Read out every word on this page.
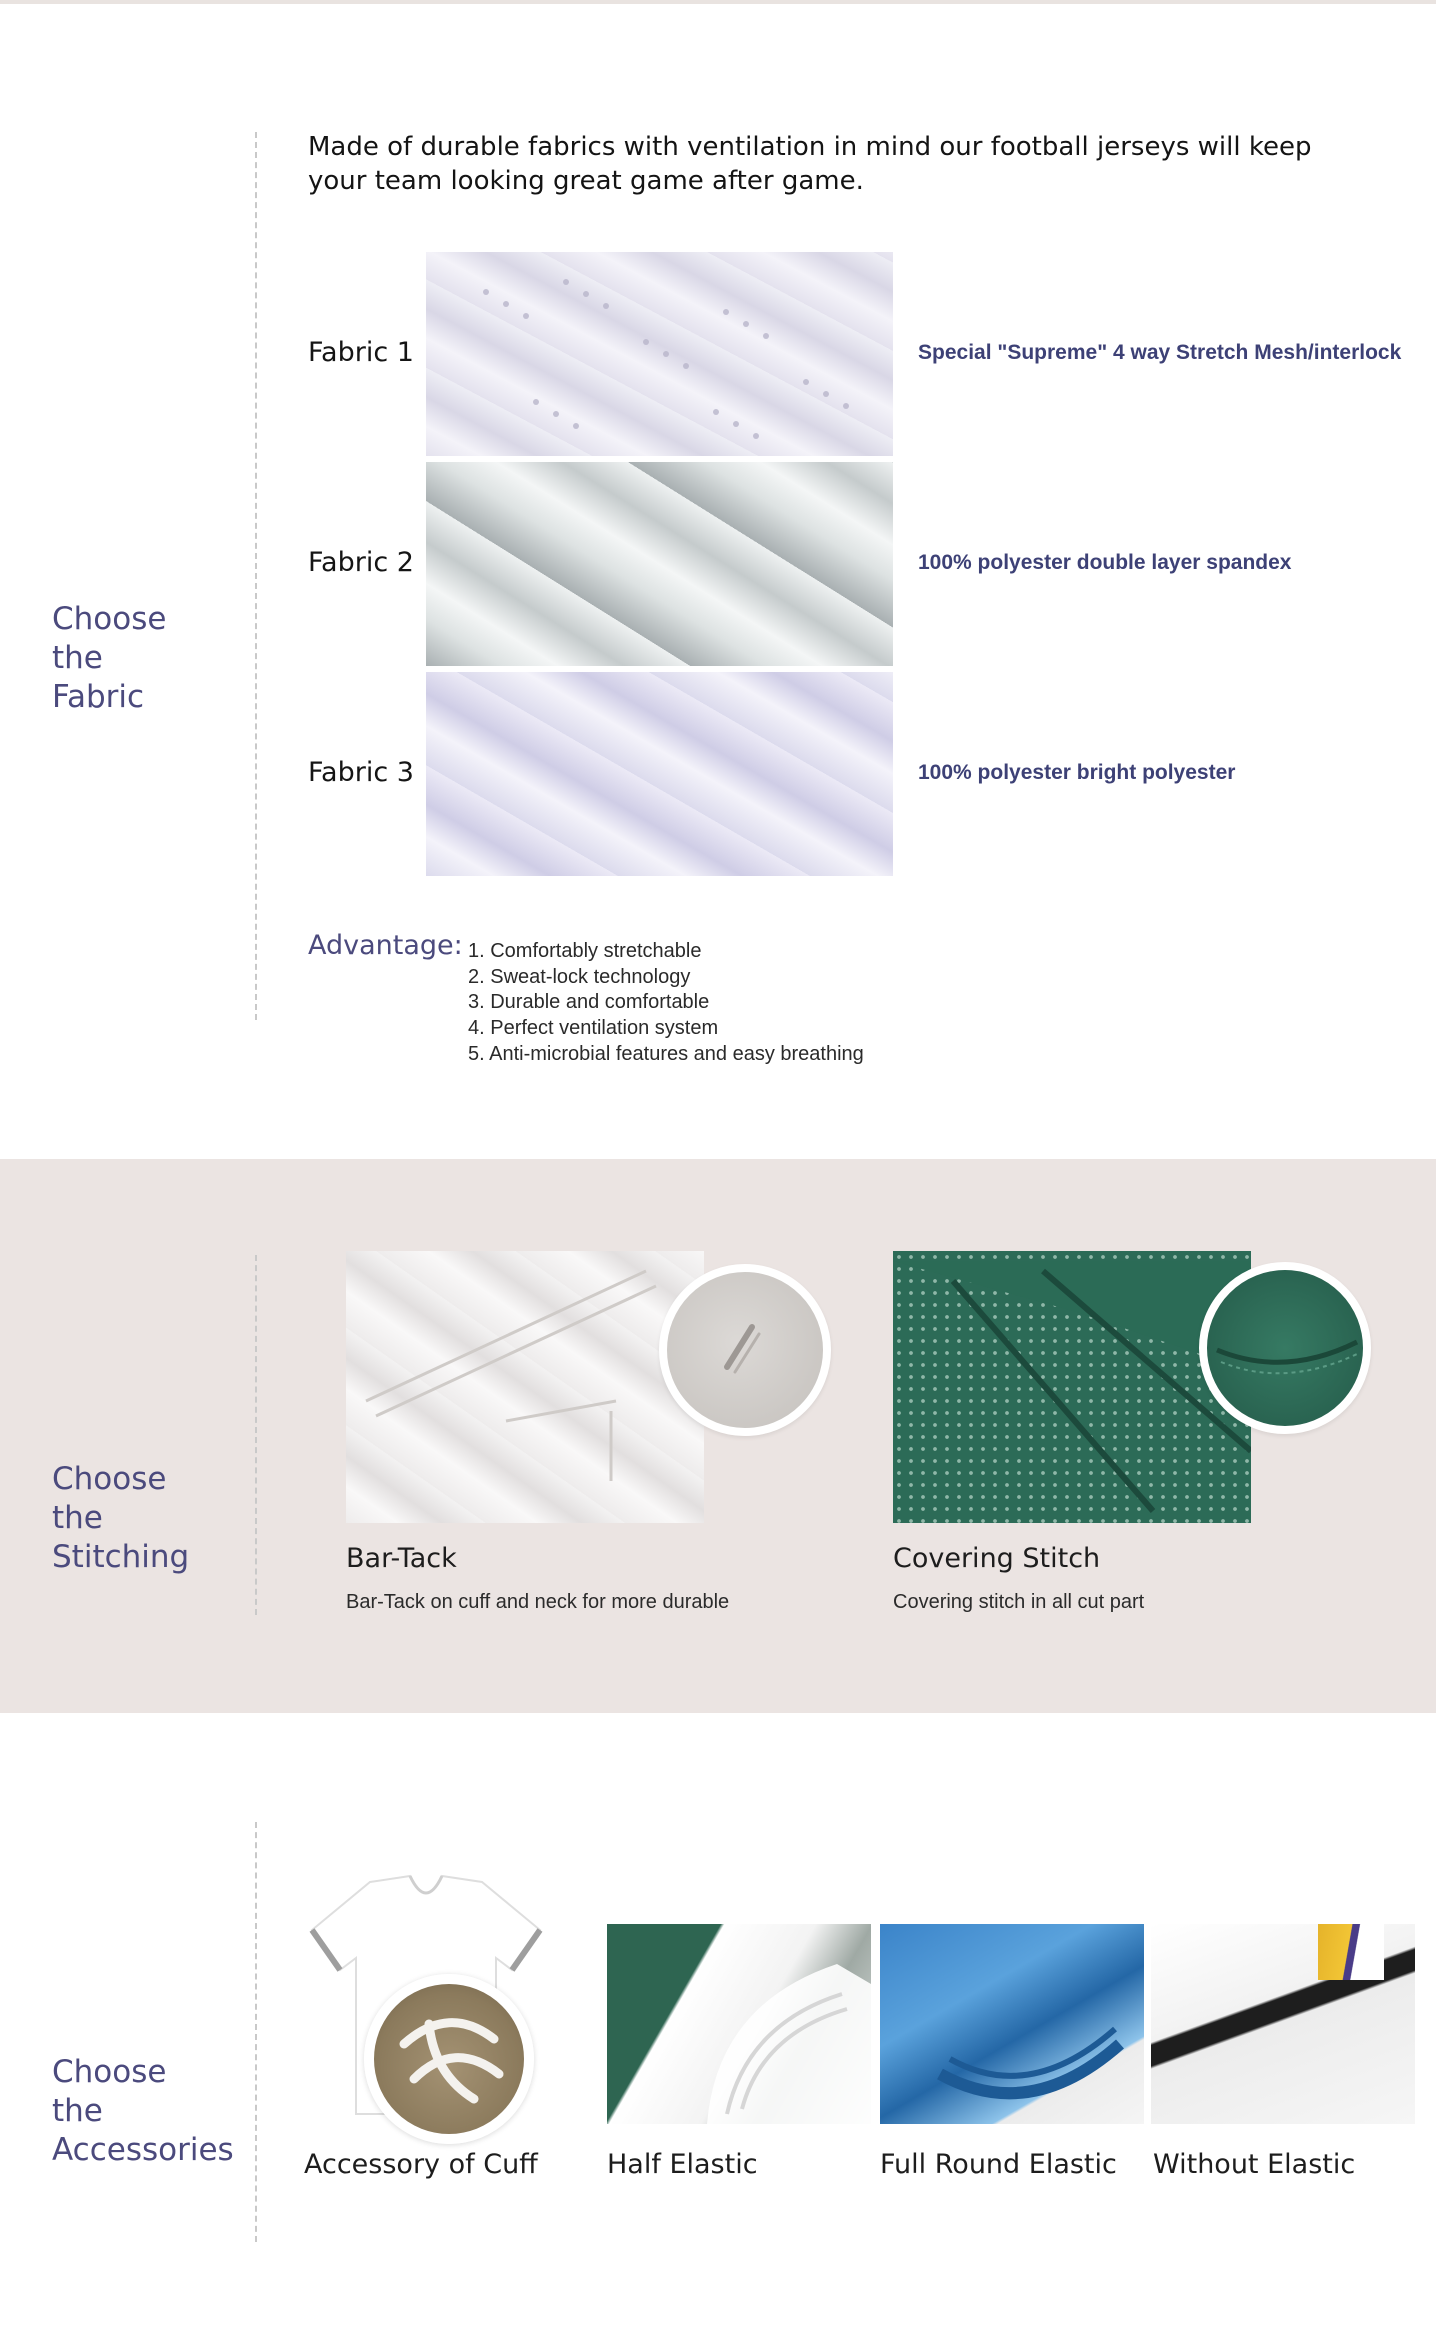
Made of durable fabrics with ventilation in mind our football jerseys will keep
your team looking great game after game.
Choose
the
Fabric
Fabric 1	Special "Supreme" 4 way Stretch Mesh/interlock
Fabric 2	100% polyester double layer spandex
Fabric 3	100% polyester bright polyester
Advantage: 1. Comfortably stretchable
2. Sweat-lock technology
3. Durable and comfortable
4. Perfect ventilation system
5. Anti-microbial features and easy breathing
Choose
the
Stitching	Bar-Tack
Bar-Tack on cuff and neck for more durable
Covering Stitch
Covering stitch in all cut part
Choose
the
Accessories	Accessory of Cuff	Half Elastic	Full Round Elastic Without Elastic
